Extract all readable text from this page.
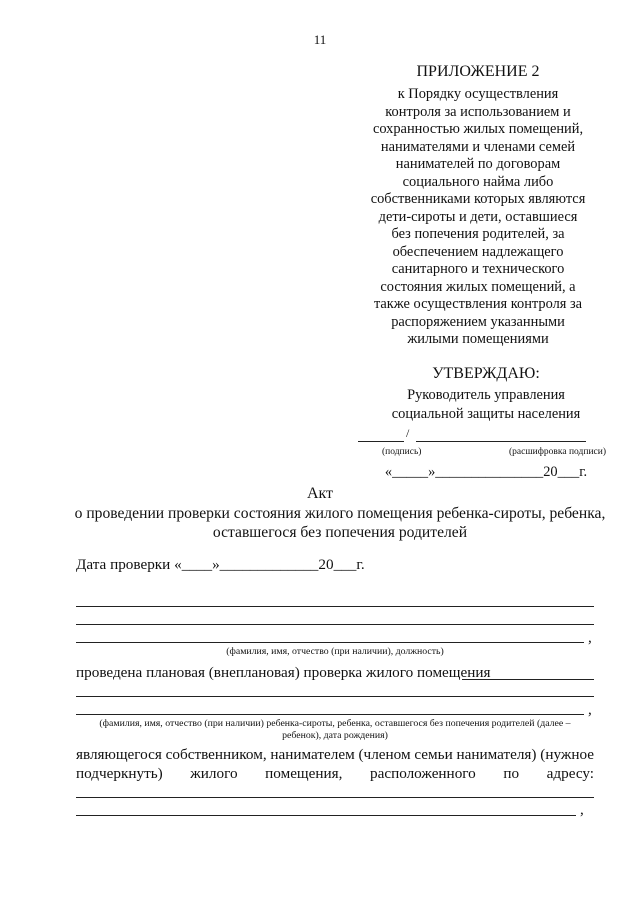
11
ПРИЛОЖЕНИЕ 2
к Порядку осуществления
контроля за использованием и
сохранностью жилых помещений,
нанимателями и членами семей
нанимателей по договорам
социального найма либо
собственниками которых являются
дети-сироты и дети, оставшиеся
без попечения родителей, за
обеспечением надлежащего
санитарного и технического
состояния жилых помещений, а
также осуществления контроля за
распоряжением указанными
жилыми помещениями
УТВЕРЖДАЮ:
Руководитель управления
социальной защиты населения
/
(подпись)	(расшифровка подписи)
«_____»_______________20___г.
Акт
о проведении проверки состояния жилого помещения ребенка-сироты, ребенка, оставшегося без попечения родителей
Дата проверки «____»_____________20___г.
,
(фамилия, имя, отчество (при наличии), должность)
проведена плановая (внеплановая) проверка жилого помещения
,
(фамилия, имя, отчество (при наличии) ребенка-сироты, ребенка, оставшегося без попечения родителей (далее –
ребенок), дата рождения)
являющегося собственником, нанимателем (членом семьи нанимателя) (нужное подчеркнуть) жилого помещения, расположенного по адресу:
,
